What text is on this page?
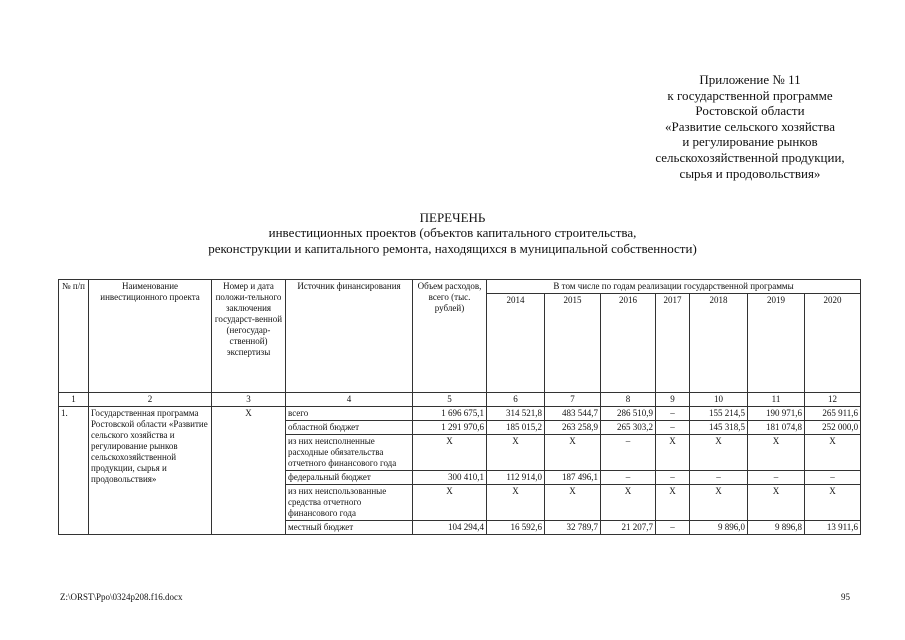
Приложение № 11
к государственной программе
Ростовской области
«Развитие сельского хозяйства
и регулирование рынков
сельскохозяйственной продукции,
сырья и продовольствия»
ПЕРЕЧЕНЬ
инвестиционных проектов (объектов капитального строительства,
реконструкции и капитального ремонта, находящихся в муниципальной собственности)
№ п/п	Наименование инвестиционного проекта	Номер и дата положи-тельного заключения государст-венной (негосудар-ственной) экспертизы	Источник финансирования	Объем расходов, всего (тыс. рублей)	В том числе по годам реализации государственной программы						
					2014	2015	2016	2017	2018	2019	2020
1	2	3	4	5	6	7	8	9	10	11	12
1.	Государственная программа Ростовской области «Развитие сельского хозяйства и регулирование рынков сельскохозяйственной продукции, сырья и продовольствия»	Х	всего	1 696 675,1	314 521,8	483 544,7	286 510,9	–	155 214,5	190 971,6	265 911,6
			областной бюджет	1 291 970,6	185 015,2	263 258,9	265 303,2	–	145 318,5	181 074,8	252 000,0
			из них неисполненные расходные обязательства отчетного финансового года	Х	Х	Х	–	Х	Х	Х	Х
			федеральный бюджет	300 410,1	112 914,0	187 496,1	–	–	–	–	–
			из них неиспользованные средства отчетного финансового года	Х	Х	Х	Х	Х	Х	Х	Х
			местный бюджет	104 294,4	16 592,6	32 789,7	21 207,7	–	9 896,0	9 896,8	13 911,6
Z:\ORST\Ppo\0324p208.f16.docx	95
